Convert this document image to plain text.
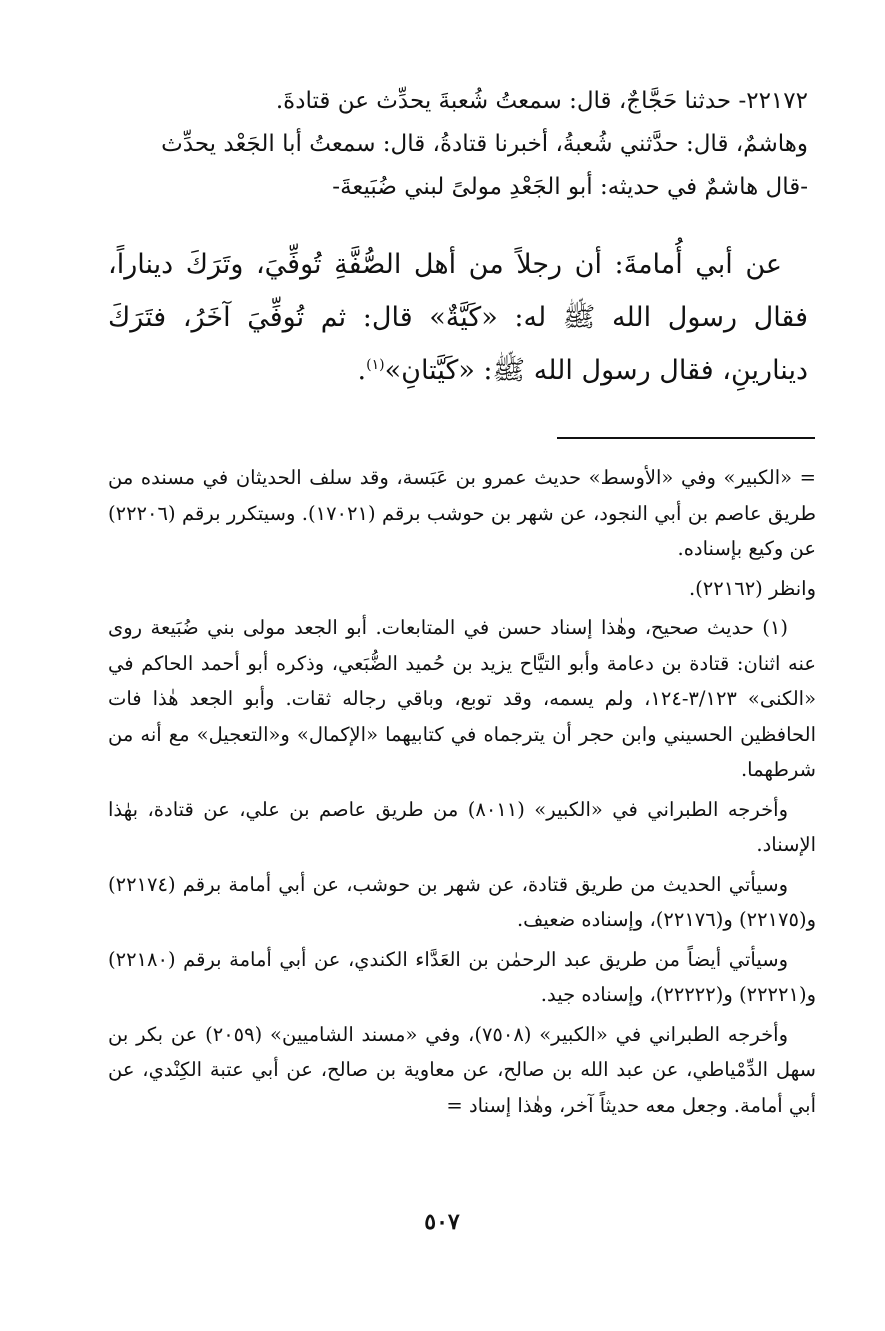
٢٢١٧٢- حدثنا حَجَّاجٌ، قال: سمعتُ شُعبةَ يحدِّث عن قتادةَ.

وهاشمٌ، قال: حدَّثني شُعبةُ، أخبرنا قتادةُ، قال: سمعتُ أبا الجَعْد يحدِّث

-قال هاشمٌ في حديثه: أبو الجَعْدِ مولىً لبني ضُبَيعةَ-

عن أبي أُمامةَ: أن رجلاً من أهل الصُّفَّةِ تُوفِّيَ، وتَرَكَ ديناراً، فقال رسول الله ﷺ له: «كَيَّةٌ» قال: ثم تُوفِّيَ آخَرُ، فتَرَكَ دينارينِ، فقال رسول الله ﷺ: «كَيَّتانِ»$^{(١)}$.

= «الكبير» وفي «الأوسط» حديث عمرو بن عَبَسة، وقد سلف الحديثان في مسنده من طريق عاصم بن أبي النجود، عن شهر بن حوشب برقم (١٧٠٢١). وسيتكرر برقم (٢٢٢٠٦) عن وكيع بإسناده.

وانظر (٢٢١٦٢).

(١) حديث صحيح، وهٰذا إسناد حسن في المتابعات. أبو الجعد مولى بني ضُبَيعة روى عنه اثنان: قتادة بن دعامة وأبو التيَّاح يزيد بن حُميد الضُّبَعي، وذكره أبو أحمد الحاكم في «الكنى» ٣/١٢٣-١٢٤، ولم يسمه، وقد توبع، وباقي رجاله ثقات. وأبو الجعد هٰذا فات الحافظين الحسيني وابن حجر أن يترجماه في كتابيهما «الإكمال» و«التعجيل» مع أنه من شرطهما.

وأخرجه الطبراني في «الكبير» (٨٠١١) من طريق عاصم بن علي، عن قتادة، بهٰذا الإسناد.

وسيأتي الحديث من طريق قتادة، عن شهر بن حوشب، عن أبي أمامة برقم (٢٢١٧٤) و(٢٢١٧٥) و(٢٢١٧٦)، وإسناده ضعيف.

وسيأتي أيضاً من طريق عبد الرحمٰن بن العَدَّاء الكندي، عن أبي أمامة برقم (٢٢١٨٠) و(٢٢٢٢١) و(٢٢٢٢٢)، وإسناده جيد.

وأخرجه الطبراني في «الكبير» (٧٥٠٨)، وفي «مسند الشاميين» (٢٠٥٩) عن بكر بن سهل الدِّمْياطي، عن عبد الله بن صالح، عن معاوية بن صالح، عن أبي عتبة الكِنْدي، عن أبي أمامة. وجعل معه حديثاً آخر، وهٰذا إسناد =

٥٠٧
